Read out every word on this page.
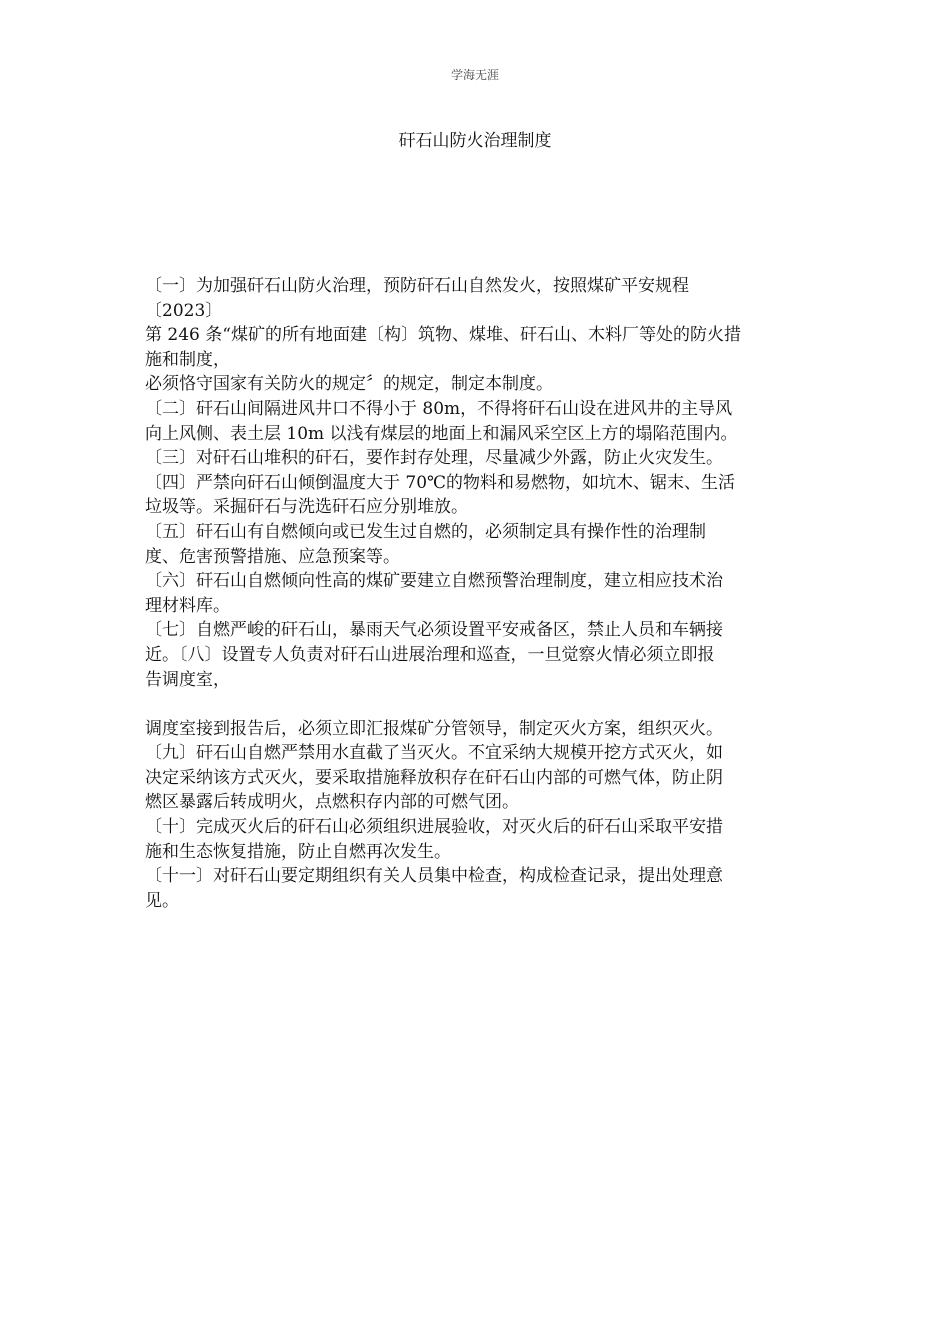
学海无涯
矸石山防火治理制度
〔一〕为加强矸石山防火治理，预防矸石山自然发火，按照煤矿平安规程
〔2023〕
第 246 条“煤矿的所有地面建〔构〕筑物、煤堆、矸石山、木料厂等处的防火措
施和制度，
必须恪守国家有关防火的规定〞的规定，制定本制度。
〔二〕矸石山间隔进风井口不得小于 80m，不得将矸石山设在进风井的主导风
向上风侧、表土层 10m 以浅有煤层的地面上和漏风采空区上方的塌陷范围内。
〔三〕对矸石山堆积的矸石，要作封存处理，尽量减少外露，防止火灾发生。
〔四〕严禁向矸石山倾倒温度大于 70℃的物料和易燃物，如坑木、锯末、生活
垃圾等。采掘矸石与洗选矸石应分别堆放。
〔五〕矸石山有自燃倾向或已发生过自燃的，必须制定具有操作性的治理制
度、危害预警措施、应急预案等。
〔六〕矸石山自燃倾向性高的煤矿要建立自燃预警治理制度，建立相应技术治
理材料库。
〔七〕自燃严峻的矸石山，暴雨天气必须设置平安戒备区，禁止人员和车辆接
近。〔八〕设置专人负责对矸石山进展治理和巡查，一旦觉察火情必须立即报
告调度室，
调度室接到报告后，必须立即汇报煤矿分管领导，制定灭火方案，组织灭火。
〔九〕矸石山自燃严禁用水直截了当灭火。不宜采纳大规模开挖方式灭火，如
决定采纳该方式灭火，要采取措施释放积存在矸石山内部的可燃气体，防止阴
燃区暴露后转成明火，点燃积存内部的可燃气团。
〔十〕完成灭火后的矸石山必须组织进展验收，对灭火后的矸石山采取平安措
施和生态恢复措施，防止自燃再次发生。
〔十一〕对矸石山要定期组织有关人员集中检查，构成检查记录，提出处理意
见。
